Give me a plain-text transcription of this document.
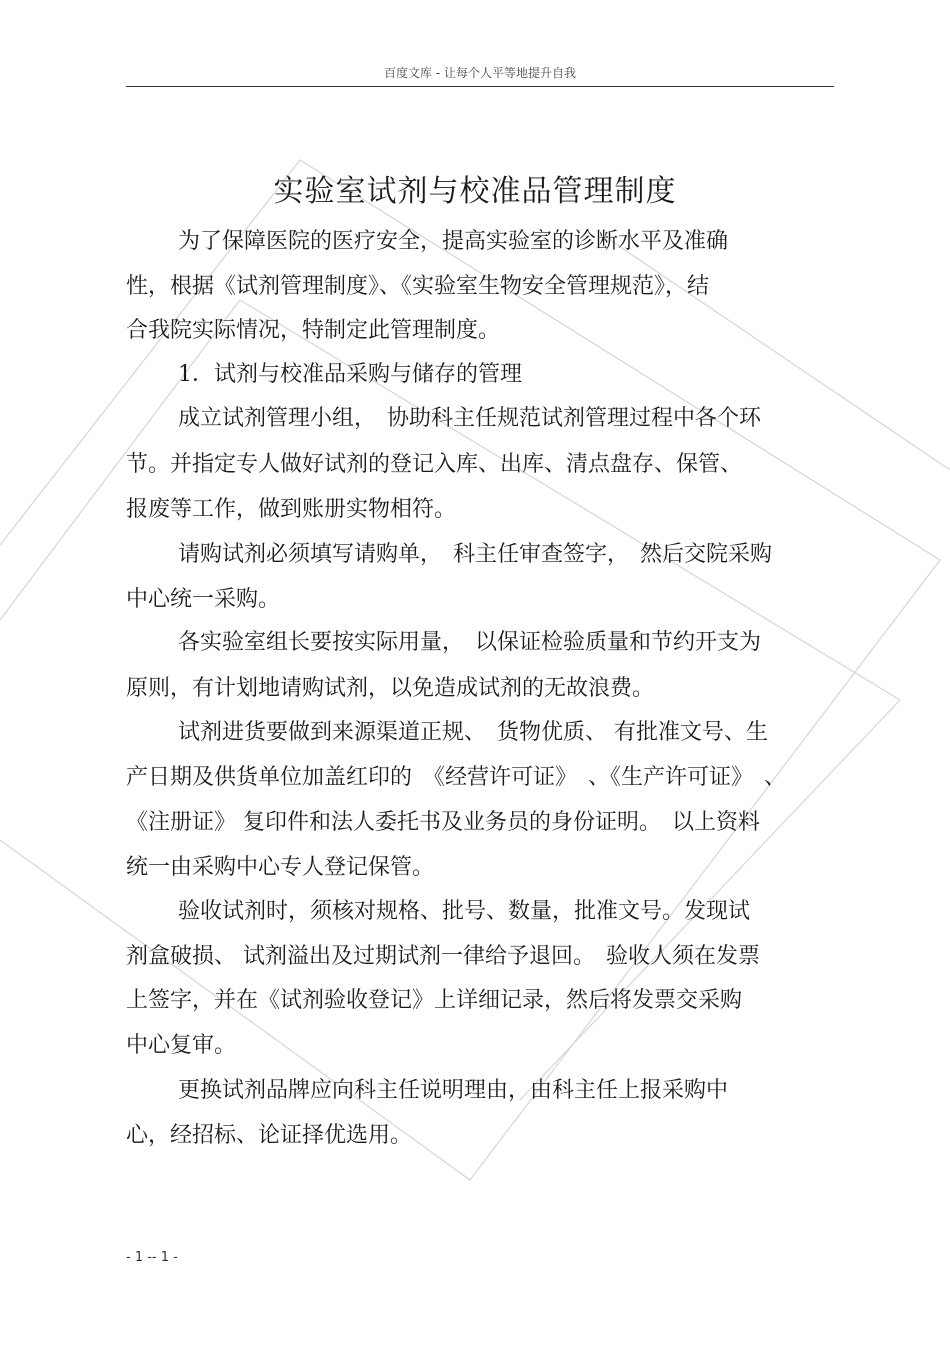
百度文库 - 让每个人平等地提升自我
实验室试剂与校准品管理制度
为了保障医院的医疗安全，提高实验室的诊断水平及准确
性，根据《试剂管理制度》、《实验室生物安全管理规范》，结
合我院实际情况，特制定此管理制度。
1．试剂与校准品采购与储存的管理
成立试剂管理小组，　协助科主任规范试剂管理过程中各个环
节。并指定专人做好试剂的登记入库、出库、清点盘存、保管、
报废等工作，做到账册实物相符。
请购试剂必须填写请购单，　科主任审查签字，　然后交院采购
中心统一采购。
各实验室组长要按实际用量，　以保证检验质量和节约开支为
原则，有计划地请购试剂，以免造成试剂的无故浪费。
试剂进货要做到来源渠道正规、　货物优质、 有批准文号、生
产日期及供货单位加盖红印的　《经营许可证》　、《生产许可证》　、
《注册证》 复印件和法人委托书及业务员的身份证明。　以上资料
统一由采购中心专人登记保管。
验收试剂时，须核对规格、批号、数量，批准文号。发现试
剂盒破损、 试剂溢出及过期试剂一律给予退回。　验收人须在发票
上签字，并在《试剂验收登记》上详细记录，然后将发票交采购
中心复审。
更换试剂品牌应向科主任说明理由，由科主任上报采购中
心，经招标、论证择优选用。
- 1 -- 1 -
